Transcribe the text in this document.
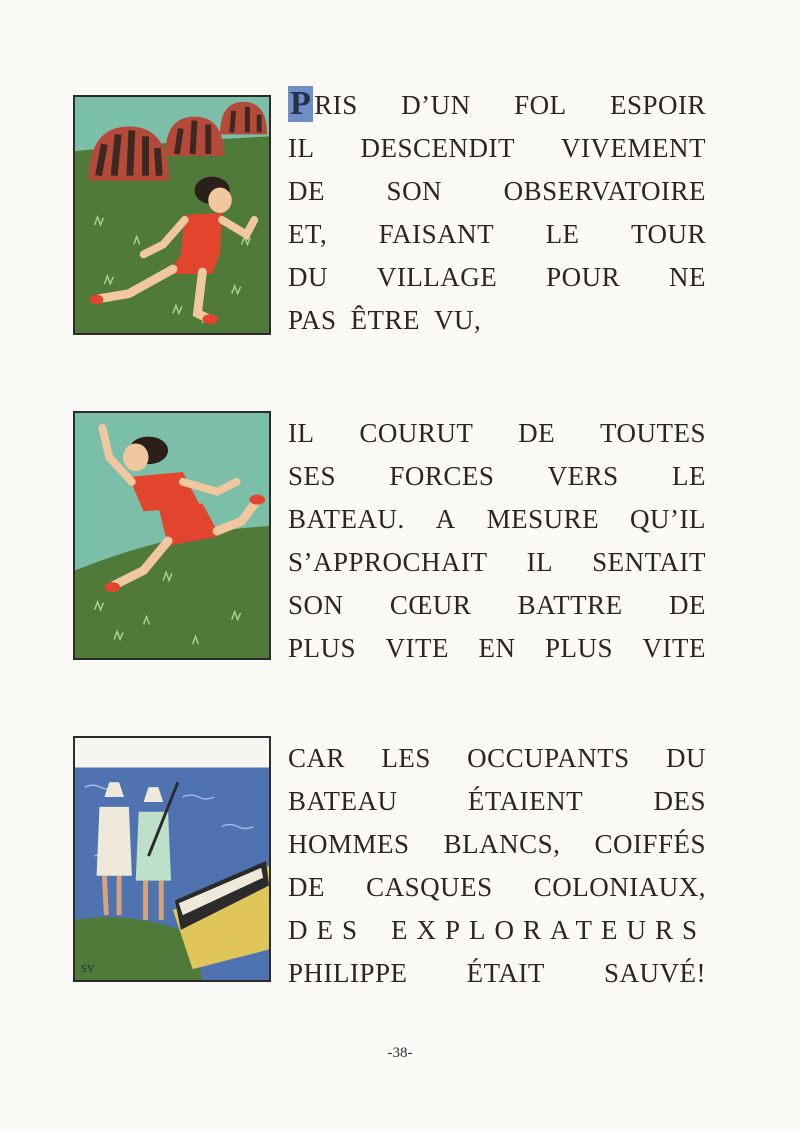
SV
P RIS D’UN FOL ESPOIR
IL DESCENDIT VIVEMENT
DE SON OBSERVATOIRE
ET, FAISANT LE TOUR
DU VILLAGE POUR NE
PAS ÊTRE VU,
IL COURUT DE TOUTES
SES FORCES VERS LE
BATEAU. A MESURE QU’IL
S’APPROCHAIT IL SENTAIT
SON CŒUR BATTRE DE
PLUS VITE EN PLUS VITE
CAR LES OCCUPANTS DU
BATEAU	ÉTAIENT	DES
HOMMES BLANCS, COIFFÉS
DE CASQUES COLONIAUX,
DES EXPLORATEURS
PHILIPPE ÉTAIT SAUVÉ!
-38-
